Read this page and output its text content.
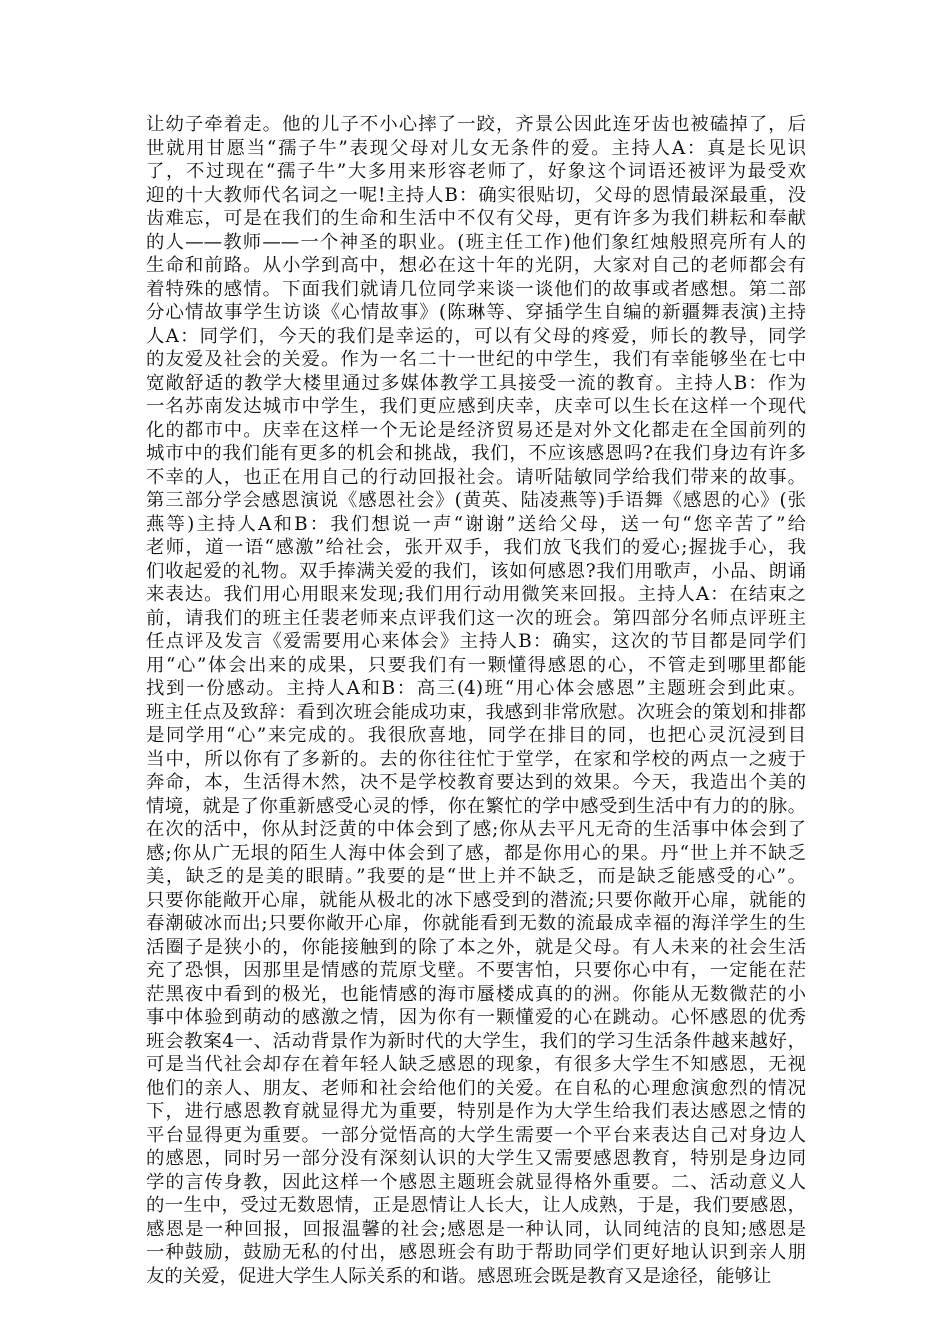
让幼子牵着走。他的儿子不小心摔了一跤，齐景公因此连牙齿也被磕掉了，后
世就用甘愿当“孺子牛”表现父母对儿女无条件的爱。主持人A：真是长见识
了，不过现在“孺子牛”大多用来形容老师了，好象这个词语还被评为最受欢
迎的十大教师代名词之一呢!主持人B：确实很贴切，父母的恩情最深最重，没
齿难忘，可是在我们的生命和生活中不仅有父母，更有许多为我们耕耘和奉献
的人——教师——一个神圣的职业。(班主任工作)他们象红烛般照亮所有人的
生命和前路。从小学到高中，想必在这十年的光阴，大家对自己的老师都会有
着特殊的感情。下面我们就请几位同学来谈一谈他们的故事或者感想。第二部
分心情故事学生访谈《心情故事》(陈琳等、穿插学生自编的新疆舞表演)主持
人A：同学们，今天的我们是幸运的，可以有父母的疼爱，师长的教导，同学
的友爱及社会的关爱。作为一名二十一世纪的中学生，我们有幸能够坐在七中
宽敞舒适的教学大楼里通过多媒体教学工具接受一流的教育。主持人B：作为
一名苏南发达城市中学生，我们更应感到庆幸，庆幸可以生长在这样一个现代
化的都市中。庆幸在这样一个无论是经济贸易还是对外文化都走在全国前列的
城市中的我们能有更多的机会和挑战，我们，不应该感恩吗?在我们身边有许多
不幸的人，也正在用自己的行动回报社会。请听陆敏同学给我们带来的故事。
第三部分学会感恩演说《感恩社会》(黄英、陆凌燕等)手语舞《感恩的心》(张
燕等)主持人A和B：我们想说一声“谢谢”送给父母，送一句“您辛苦了”给
老师，道一语“感激”给社会，张开双手，我们放飞我们的爱心;握拢手心，我
们收起爱的礼物。双手捧满关爱的我们，该如何感恩?我们用歌声，小品、朗诵
来表达。我们用心用眼来发现;我们用行动用微笑来回报。主持人A：在结束之
前，请我们的班主任裴老师来点评我们这一次的班会。第四部分名师点评班主
任点评及发言《爱需要用心来体会》主持人B：确实，这次的节目都是同学们
用“心”体会出来的成果，只要我们有一颗懂得感恩的心，不管走到哪里都能
找到一份感动。主持人A和B：高三(4)班“用心体会感恩”主题班会到此束。
班主任点及致辞：看到次班会能成功束，我感到非常欣慰。次班会的策划和排都
是同学用“心”来完成的。我很欣喜地，同学在排目的同，也把心灵沉浸到目
当中，所以你有了多新的。去的你往往忙于堂学，在家和学校的两点一之疲于
奔命，本，生活得木然，决不是学校教育要达到的效果。今天，我造出个美的
情境，就是了你重新感受心灵的悸，你在繁忙的学中感受到生活中有力的的脉。
在次的活中，你从封泛黄的中体会到了感;你从去平凡无奇的生活事中体会到了
感;你从广无垠的陌生人海中体会到了感，都是你用心的果。丹“世上并不缺乏
美，缺乏的是美的眼睛。”我要的是“世上并不缺乏，而是缺乏能感受的心”。
只要你能敞开心扉，就能从极北的冰下感受到的潜流;只要你敞开心扉，就能的
春潮破冰而出;只要你敞开心扉，你就能看到无数的流最成幸福的海洋学生的生
活圈子是狭小的，你能接触到的除了本之外，就是父母。有人未来的社会生活
充了恐惧，因那里是情感的荒原戈壁。不要害怕，只要你心中有，一定能在茫
茫黑夜中看到的极光，也能情感的海市蜃楼成真的的洲。你能从无数微茫的小
事中体验到萌动的感激之情，因为你有一颗懂爱的心在跳动。心怀感恩的优秀
班会教案4一、活动背景作为新时代的大学生，我们的学习生活条件越来越好，
可是当代社会却存在着年轻人缺乏感恩的现象，有很多大学生不知感恩，无视
他们的亲人、朋友、老师和社会给他们的关爱。在自私的心理愈演愈烈的情况
下，进行感恩教育就显得尤为重要，特别是作为大学生给我们表达感恩之情的
平台显得更为重要。一部分觉悟高的大学生需要一个平台来表达自己对身边人
的感恩，同时另一部分没有深刻认识的大学生又需要感恩教育，特别是身边同
学的言传身教，因此这样一个感恩主题班会就显得格外重要。二、活动意义人
的一生中，受过无数恩情，正是恩情让人长大，让人成熟，于是，我们要感恩，
感恩是一种回报，回报温馨的社会;感恩是一种认同，认同纯洁的良知;感恩是
一种鼓励，鼓励无私的付出，感恩班会有助于帮助同学们更好地认识到亲人朋
友的关爱，促进大学生人际关系的和谐。感恩班会既是教育又是途径，能够让
